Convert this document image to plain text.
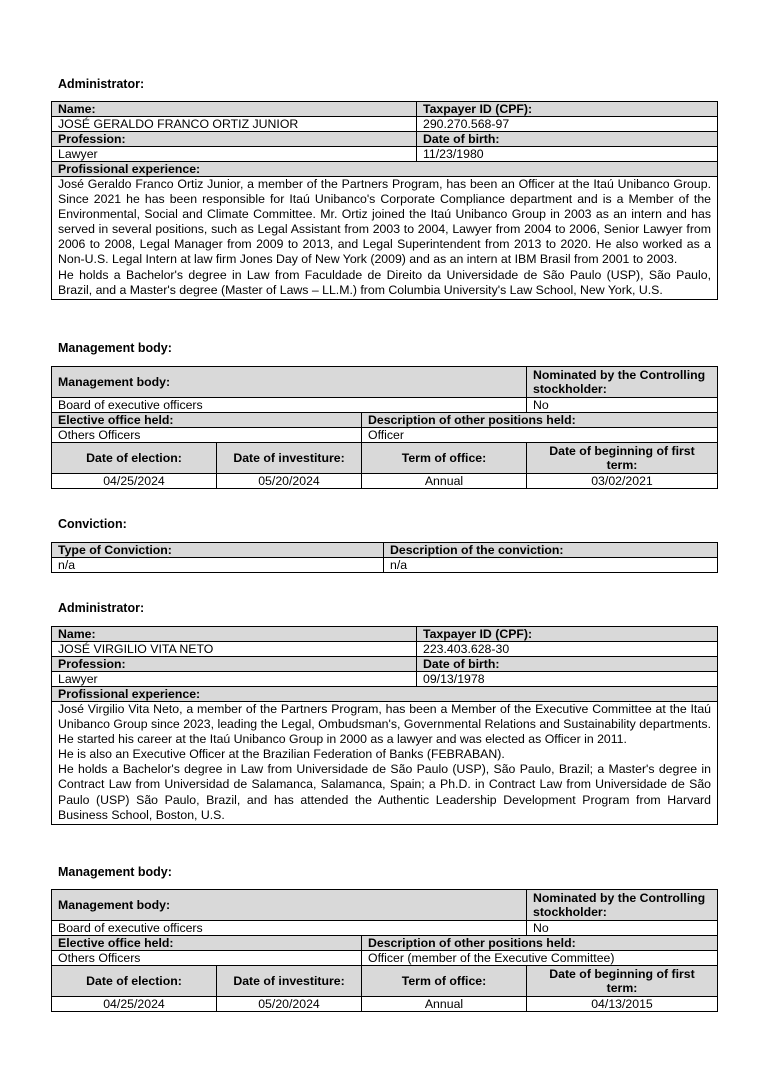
Administrator:
Name:	Taxpayer ID (CPF):
JOSÉ GERALDO FRANCO ORTIZ JUNIOR	290.270.568-97
Profession:	Date of birth:
Lawyer	11/23/1980
Profissional experience:	

José Geraldo Franco Ortiz Junior, a member of the Partners Program, has been an Officer at the Itaú Unibanco Group. Since 2021 he has been responsible for Itaú Unibanco's Corporate Compliance department and is a Member of the Environmental, Social and Climate Committee. Mr. Ortiz joined the Itaú Unibanco Group in 2003 as an intern and has served in several positions, such as Legal Assistant from 2003 to 2004, Lawyer from 2004 to 2006, Senior Lawyer from 2006 to 2008, Legal Manager from 2009 to 2013, and Legal Superintendent from 2013 to 2020. He also worked as a Non-U.S. Legal Intern at law firm Jones Day of New York (2009) and as an intern at IBM Brasil from 2001 to 2003.

He holds a Bachelor's degree in Law from Faculdade de Direito da Universidade de São Paulo (USP), São Paulo, Brazil, and a Master's degree (Master of Laws – LL.M.) from Columbia University's Law School, New York, U.S.	

Management body:
Management body:			Nominated by the Controlling stockholder:
Board of executive officers			No
Elective office held:		Description of other positions held:	
Others Officers		Officer	
Date of election:	Date of investiture:	Term of office:	Date of beginning of first term:
04/25/2024	05/20/2024	Annual	03/02/2021
Conviction:
Type of Conviction:	Description of the conviction:
n/a	n/a
Administrator:
Name:	Taxpayer ID (CPF):
JOSÉ VIRGILIO VITA NETO	223.403.628-30
Profession:	Date of birth:
Lawyer	09/13/1978
Profissional experience:	

José Virgilio Vita Neto, a member of the Partners Program, has been a Member of the Executive Committee at the Itaú Unibanco Group since 2023, leading the Legal, Ombudsman's, Governmental Relations and Sustainability departments. He started his career at the Itaú Unibanco Group in 2000 as a lawyer and was elected as Officer in 2011.

He is also an Executive Officer at the Brazilian Federation of Banks (FEBRABAN).

He holds a Bachelor's degree in Law from Universidade de São Paulo (USP), São Paulo, Brazil; a Master's degree in Contract Law from Universidad de Salamanca, Salamanca, Spain; a Ph.D. in Contract Law from Universidade de São Paulo (USP) São Paulo, Brazil, and has attended the Authentic Leadership Development Program from Harvard Business School, Boston, U.S.	

Management body:
Management body:			Nominated by the Controlling stockholder:
Board of executive officers			No
Elective office held:		Description of other positions held:	
Others Officers		Officer (member of the Executive Committee)	
Date of election:	Date of investiture:	Term of office:	Date of beginning of first term:
04/25/2024	05/20/2024	Annual	04/13/2015
